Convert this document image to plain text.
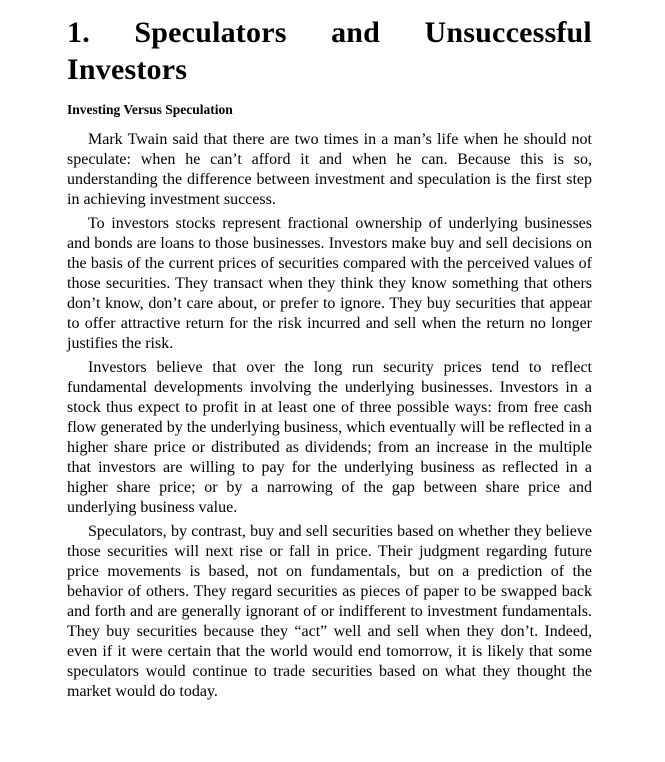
1. Speculators and Unsuccessful
Investors
Investing Versus Speculation

Mark Twain said that there are two times in a man’s life when he should not speculate: when he can’t afford it and when he can. Because this is so, understanding the difference between investment and speculation is the first step in achieving investment success.

To investors stocks represent fractional ownership of underlying businesses and bonds are loans to those businesses. Investors make buy and sell decisions on the basis of the current prices of securities compared with the perceived values of those securities. They transact when they think they know something that others don’t know, don’t care about, or prefer to ignore. They buy securities that appear to offer attractive return for the risk incurred and sell when the return no longer justifies the risk.

Investors believe that over the long run security prices tend to reflect fundamental developments involving the underlying businesses. Investors in a stock thus expect to profit in at least one of three possible ways: from free cash flow generated by the underlying business, which eventually will be reflected in a higher share price or distributed as dividends; from an increase in the multiple that investors are willing to pay for the underlying business as reflected in a higher share price; or by a narrowing of the gap between share price and underlying business value.

Speculators, by contrast, buy and sell securities based on whether they believe those securities will next rise or fall in price. Their judgment regarding future price movements is based, not on fundamentals, but on a prediction of the behavior of others. They regard securities as pieces of paper to be swapped back and forth and are generally ignorant of or indifferent to investment fundamentals. They buy securities because they “act” well and sell when they don’t. Indeed, even if it were certain that the world would end tomorrow, it is likely that some speculators would continue to trade securities based on what they thought the market would do today.
